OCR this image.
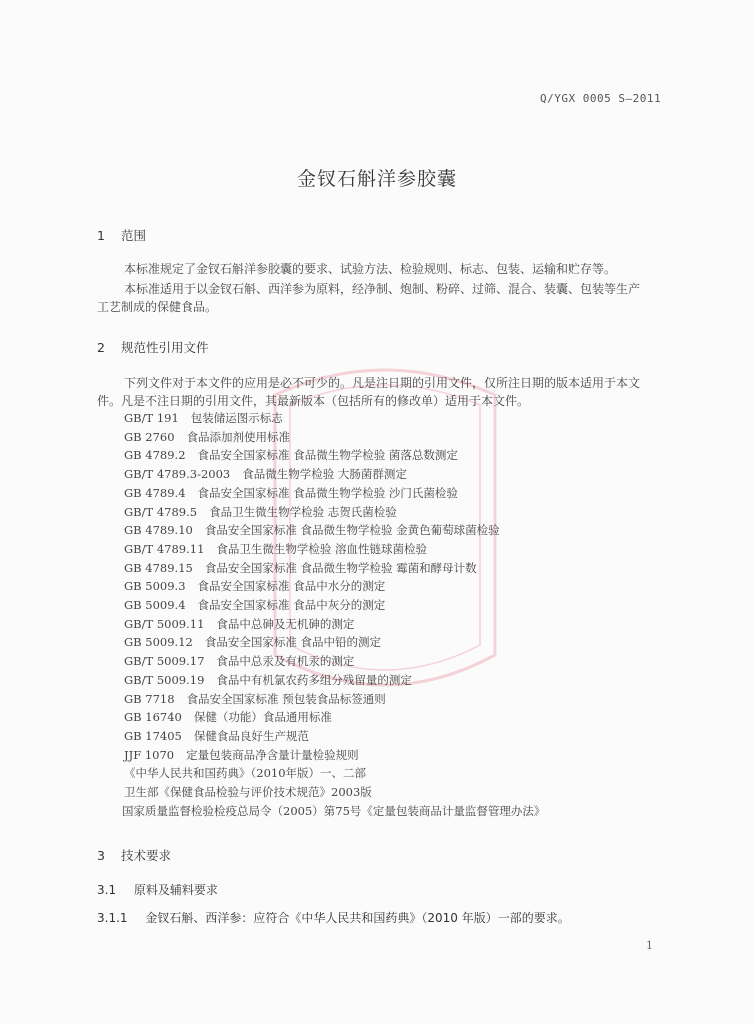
Q/YGX 0005 S—2011
金钗石斛洋参胶囊
1 范围
本标准规定了金钗石斛洋参胶囊的要求、试验方法、检验规则、标志、包装、运输和贮存等。
本标准适用于以金钗石斛、西洋参为原料，经净制、炮制、粉碎、过筛、混合、装囊、包装等生产
工艺制成的保健食品。
2 规范性引用文件
下列文件对于本文件的应用是必不可少的。凡是注日期的引用文件，仅所注日期的版本适用于本文
件。凡是不注日期的引用文件，其最新版本（包括所有的修改单）适用于本文件。
GB/T 191 包装储运图示标志
GB 2760 食品添加剂使用标准
GB 4789.2 食品安全国家标准 食品微生物学检验 菌落总数测定
GB/T 4789.3-2003 食品微生物学检验 大肠菌群测定
GB 4789.4 食品安全国家标准 食品微生物学检验 沙门氏菌检验
GB/T 4789.5 食品卫生微生物学检验 志贺氏菌检验
GB 4789.10 食品安全国家标准 食品微生物学检验 金黄色葡萄球菌检验
GB/T 4789.11 食品卫生微生物学检验 溶血性链球菌检验
GB 4789.15 食品安全国家标准 食品微生物学检验 霉菌和酵母计数
GB 5009.3 食品安全国家标准 食品中水分的测定
GB 5009.4 食品安全国家标准 食品中灰分的测定
GB/T 5009.11 食品中总砷及无机砷的测定
GB 5009.12 食品安全国家标准 食品中铅的测定
GB/T 5009.17 食品中总汞及有机汞的测定
GB/T 5009.19 食品中有机氯农药多组分残留量的测定
GB 7718 食品安全国家标准 预包装食品标签通则
GB 16740 保健（功能）食品通用标准
GB 17405 保健食品良好生产规范
JJF 1070 定量包装商品净含量计量检验规则
《中华人民共和国药典》（2010年版）一、二部
卫生部《保健食品检验与评价技术规范》2003版
国家质量监督检验检疫总局令（2005）第75号《定量包装商品计量监督管理办法》
3 技术要求
3.1 原料及辅料要求
3.1.1 金钗石斛、西洋参：应符合《中华人民共和国药典》（2010 年版）一部的要求。
1
